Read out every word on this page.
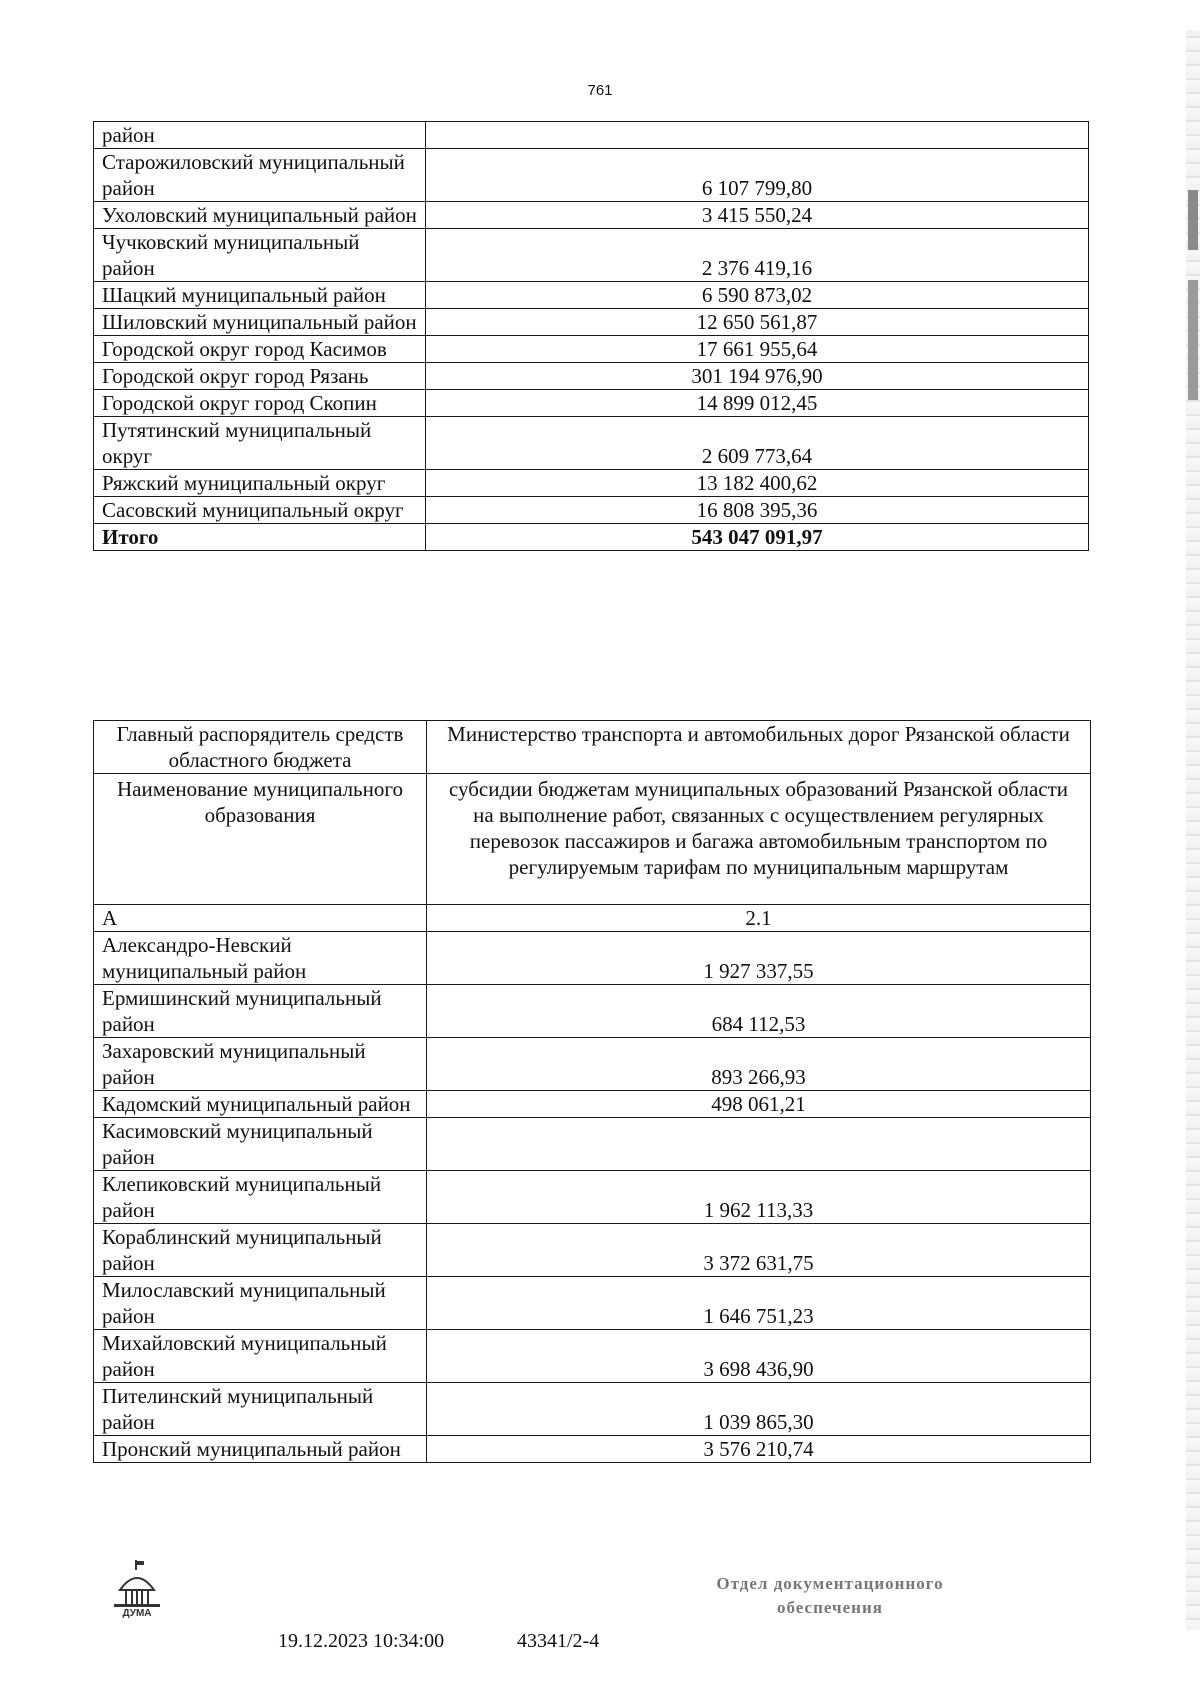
761
район	
Старожиловский муниципальный район	6 107 799,80
Ухоловский муниципальный район	3 415 550,24
Чучковский муниципальный район	2 376 419,16
Шацкий муниципальный район	6 590 873,02
Шиловский муниципальный район	12 650 561,87
Городской округ город Касимов	17 661 955,64
Городской округ город Рязань	301 194 976,90
Городской округ город Скопин	14 899 012,45
Путятинский муниципальный округ	2 609 773,64
Ряжский муниципальный округ	13 182 400,62
Сасовский муниципальный округ	16 808 395,36
Итого	543 047 091,97
Главный распорядитель средств областного бюджета	Министерство транспорта и автомобильных дорог Рязанской области
Наименование муниципального образования	субсидии бюджетам муниципальных образований Рязанской области на выполнение работ, связанных с осуществлением регулярных перевозок пассажиров и багажа автомобильным транспортом по регулируемым тарифам по муниципальным маршрутам
А	2.1
Александро-Невский муниципальный район	1 927 337,55
Ермишинский муниципальный район	684 112,53
Захаровский муниципальный район	893 266,93
Кадомский муниципальный район	498 061,21
Касимовский муниципальный район	
Клепиковский муниципальный район	1 962 113,33
Кораблинский муниципальный район	3 372 631,75
Милославский муниципальный район	1 646 751,23
Михайловский муниципальный район	3 698 436,90
Пителинский муниципальный район	1 039 865,30
Пронский муниципальный район	3 576 210,74
ДУМА
19.12.2023 10:34:00	43341/2-4
Отдел документационного
обеспечения
